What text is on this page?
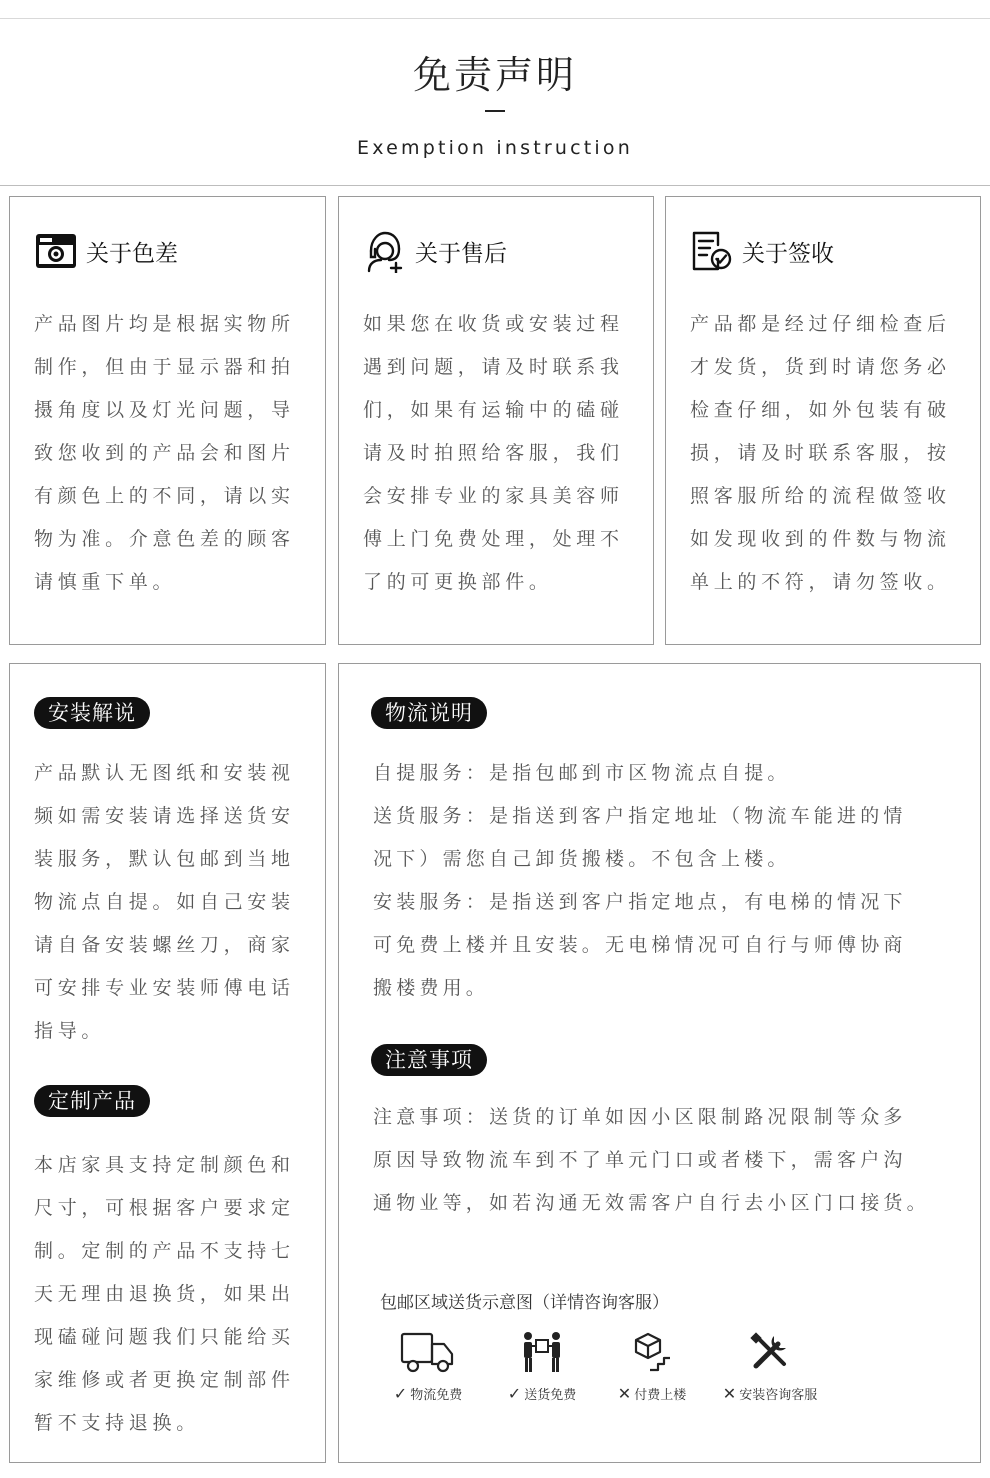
免责声明
Exemption instruction
关于色差
产品图片均是根据实物所
制作，但由于显示器和拍
摄角度以及灯光问题，导
致您收到的产品会和图片
有颜色上的不同，请以实
物为准。介意色差的顾客
请慎重下单。
关于售后
如果您在收货或安装过程
遇到问题，请及时联系我
们，如果有运输中的磕碰
请及时拍照给客服，我们
会安排专业的家具美容师
傅上门免费处理，处理不
了的可更换部件。
关于签收
产品都是经过仔细检查后
才发货，货到时请您务必
检查仔细，如外包装有破
损，请及时联系客服，按
照客服所给的流程做签收
如发现收到的件数与物流
单上的不符，请勿签收。
安装解说
产品默认无图纸和安装视
频如需安装请选择送货安
装服务，默认包邮到当地
物流点自提。如自己安装
请自备安装螺丝刀，商家
可安排专业安装师傅电话
指导。
定制产品
本店家具支持定制颜色和
尺寸，可根据客户要求定
制。定制的产品不支持七
天无理由退换货，如果出
现磕碰问题我们只能给买
家维修或者更换定制部件
暂不支持退换。
物流说明
自提服务：是指包邮到市区物流点自提。
送货服务：是指送到客户指定地址（物流车能进的情
况下）需您自己卸货搬楼。不包含上楼。
安装服务：是指送到客户指定地点，有电梯的情况下
可免费上楼并且安装。无电梯情况可自行与师傅协商
搬楼费用。
注意事项
注意事项：送货的订单如因小区限制路况限制等众多
原因导致物流车到不了单元门口或者楼下，需客户沟
通物业等，如若沟通无效需客户自行去小区门口接货。
包邮区域送货示意图（详情咨询客服）
✓ 物流免费	✓ 送货免费	✕ 付费上楼	✕ 安装咨询客服
